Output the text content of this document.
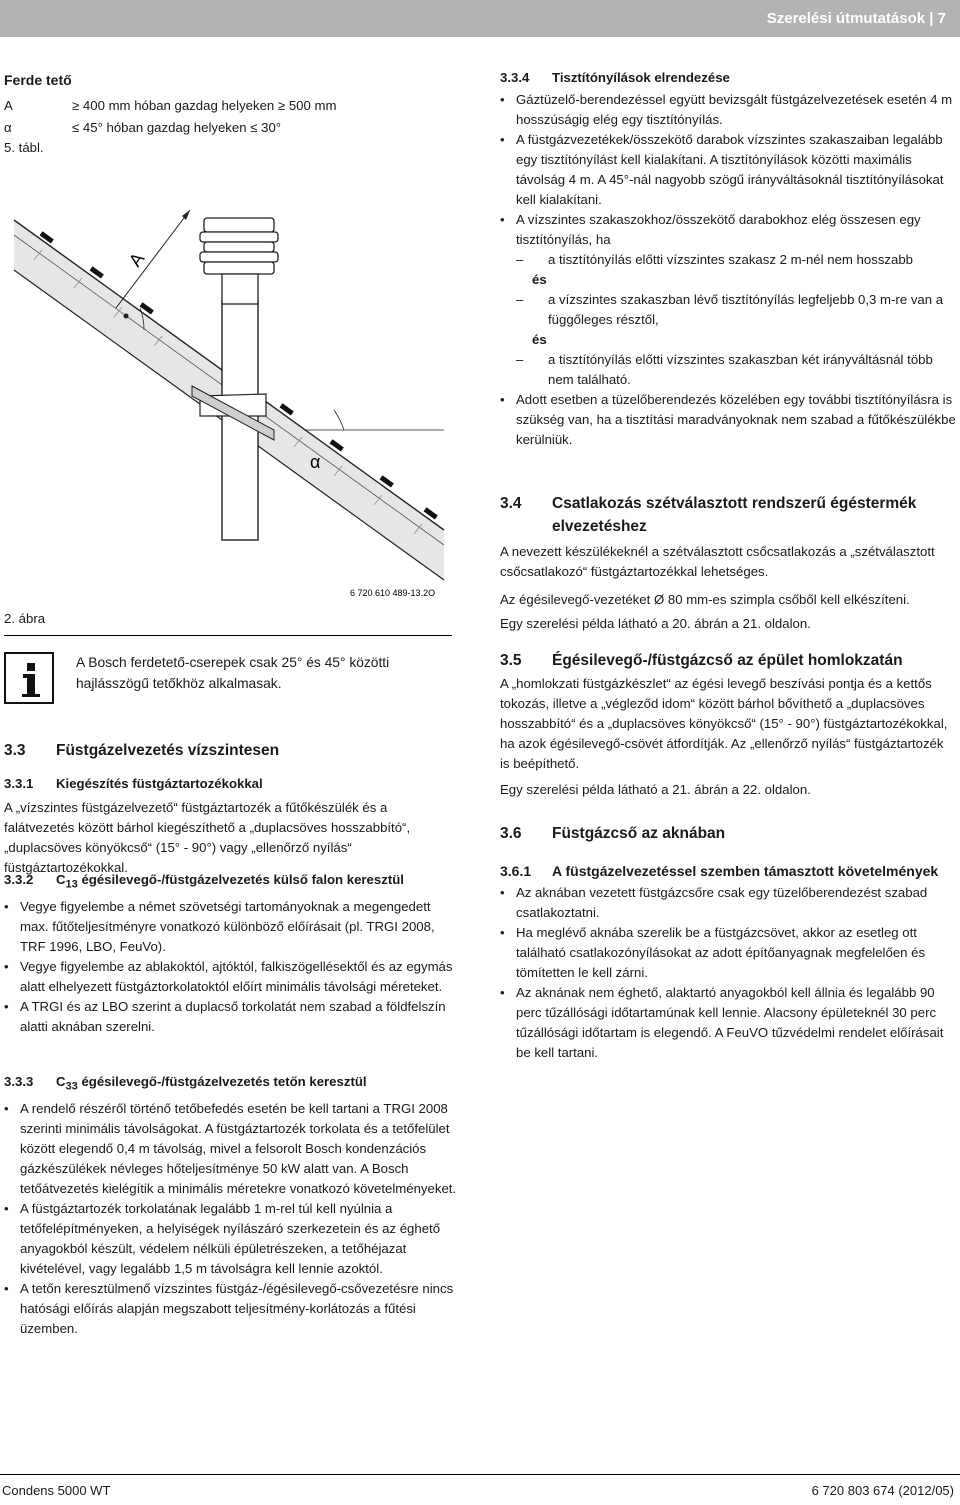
Szerelési útmutatások | 7

Ferde tető

A	≥ 400 mm hóban gazdag helyeken ≥ 500 mm
α	≤ 45° hóban gazdag helyeken ≤ 30°

5. tábl.

A
α
6 720 610 489-13.2O

2. ábra

A Bosch ferdetető-cserepek csak 25° és 45° közötti hajlásszögű tetőkhöz alkalmasak.

3.3 Füstgázelvezetés vízszintesen

3.3.1 Kiegészítés füstgáztartozékokkal

A „vízszintes füstgázelvezető“ füstgáztartozék a fűtőkészülék és a falátvezetés között bárhol kiegészíthető a „duplacsöves hosszabbító“, „duplacsöves könyökcső“ (15° - 90°) vagy „ellenőrző nyílás“ füstgáztartozékokkal.

3.3.2 $C_{13}$ égésilevegő-/füstgázelvezetés külső falon keresztül

• Vegye figyelembe a német szövetségi tartományoknak a megengedett max. fűtőteljesítményre vonatkozó különböző előírásait (pl. TRGI 2008, TRF 1996, LBO, FeuVo).
• Vegye figyelembe az ablakoktól, ajtóktól, falkiszögellésektől és az egymás alatt elhelyezett füstgáztorkolatoktól előírt minimális távolsági méreteket.
• A TRGI és az LBO szerint a duplacső torkolatát nem szabad a földfelszín alatti aknában szerelni.

3.3.3 $C_{33}$ égésilevegő-/füstgázelvezetés tetőn keresztül

• A rendelő részéről történő tetőbefedés esetén be kell tartani a TRGI 2008 szerinti minimális távolságokat. A füstgáztartozék torkolata és a tetőfelület között elegendő 0,4 m távolság, mivel a felsorolt Bosch kondenzációs gázkészülékek névleges hőteljesítménye 50 kW alatt van. A Bosch tetőátvezetés kielégítik a minimális méretekre vonatkozó követelményeket.
• A füstgáztartozék torkolatának legalább 1 m-rel túl kell nyúlnia a tetőfelépítményeken, a helyiségek nyílászáró szerkezetein és az éghető anyagokból készült, védelem nélküli épületrészeken, a tetőhéjazat kivételével, vagy legalább 1,5 m távolságra kell lennie azoktól.
• A tetőn keresztülmenő vízszintes füstgáz-/égésilevegő-csővezetésre nincs hatósági előírás alapján megszabott teljesítmény-korlátozás a fűtési üzemben.

3.3.4 Tisztítónyílások elrendezése

• Gáztüzelő-berendezéssel együtt bevizsgált füstgázelvezetések esetén 4 m hosszúságig elég egy tisztítónyílás.
• A füstgázvezetékek/összekötő darabok vízszintes szakaszaiban legalább egy tisztítónyílást kell kialakítani. A tisztítónyílások közötti maximális távolság 4 m. A 45°-nál nagyobb szögű irányváltásoknál tisztítónyílásokat kell kialakítani.
• A vízszintes szakaszokhoz/összekötő darabokhoz elég összesen egy tisztítónyílás, ha
– a tisztítónyílás előtti vízszintes szakasz 2 m-nél nem hosszabb
és
– a vízszintes szakaszban lévő tisztítónyílás legfeljebb 0,3 m-re van a függőleges résztől,
és
– a tisztítónyílás előtti vízszintes szakaszban két irányváltásnál több nem található.
• Adott esetben a tüzelőberendezés közelében egy további tisztítónyílásra is szükség van, ha a tisztítási maradványoknak nem szabad a fűtőkészülékbe kerülniük.
3.4 Csatlakozás szétválasztott rendszerű égéstermék
elvezetéshez

A nevezett készülékeknél a szétválasztott csőcsatlakozás a „szétválasztott csőcsatlakozó“ füstgáztartozékkal lehetséges.

Az égésilevegő-vezetéket Ø 80 mm-es szimpla csőből kell elkészíteni.

Egy szerelési példa látható a 20. ábrán a 21. oldalon.

3.5 Égésilevegő-/füstgázcső az épület homlokzatán

A „homlokzati füstgázkészlet“ az égési levegő beszívási pontja és a kettős tokozás, illetve a „végleződ idom“ között bárhol bővíthető a „duplacsöves hosszabbító“ és a „duplacsöves könyökcső“ (15° - 90°) füstgáztartozékokkal, ha azok égésilevegő-csövét átfordítják. Az „ellenőrző nyílás“ füstgáztartozék is beépíthető.

Egy szerelési példa látható a 21. ábrán a 22. oldalon.

3.6 Füstgázcső az aknában

3.6.1 A füstgázelvezetéssel szemben támasztott követelmények

• Az aknában vezetett füstgázcsőre csak egy tüzelőberendezést szabad csatlakoztatni.
• Ha meglévő aknába szerelik be a füstgázcsövet, akkor az esetleg ott található csatlakozónyílásokat az adott építőanyagnak megfelelően és tömítetten le kell zárni.
• Az aknának nem éghető, alaktartó anyagokból kell állnia és legalább 90 perc tűzállósági időtartamúnak kell lennie. Alacsony épületeknél 30 perc tűzállósági időtartam is elegendő. A FeuVO tűzvédelmi rendelet előírásait be kell tartani.
Condens 5000 WT	6 720 803 674 (2012/05)
